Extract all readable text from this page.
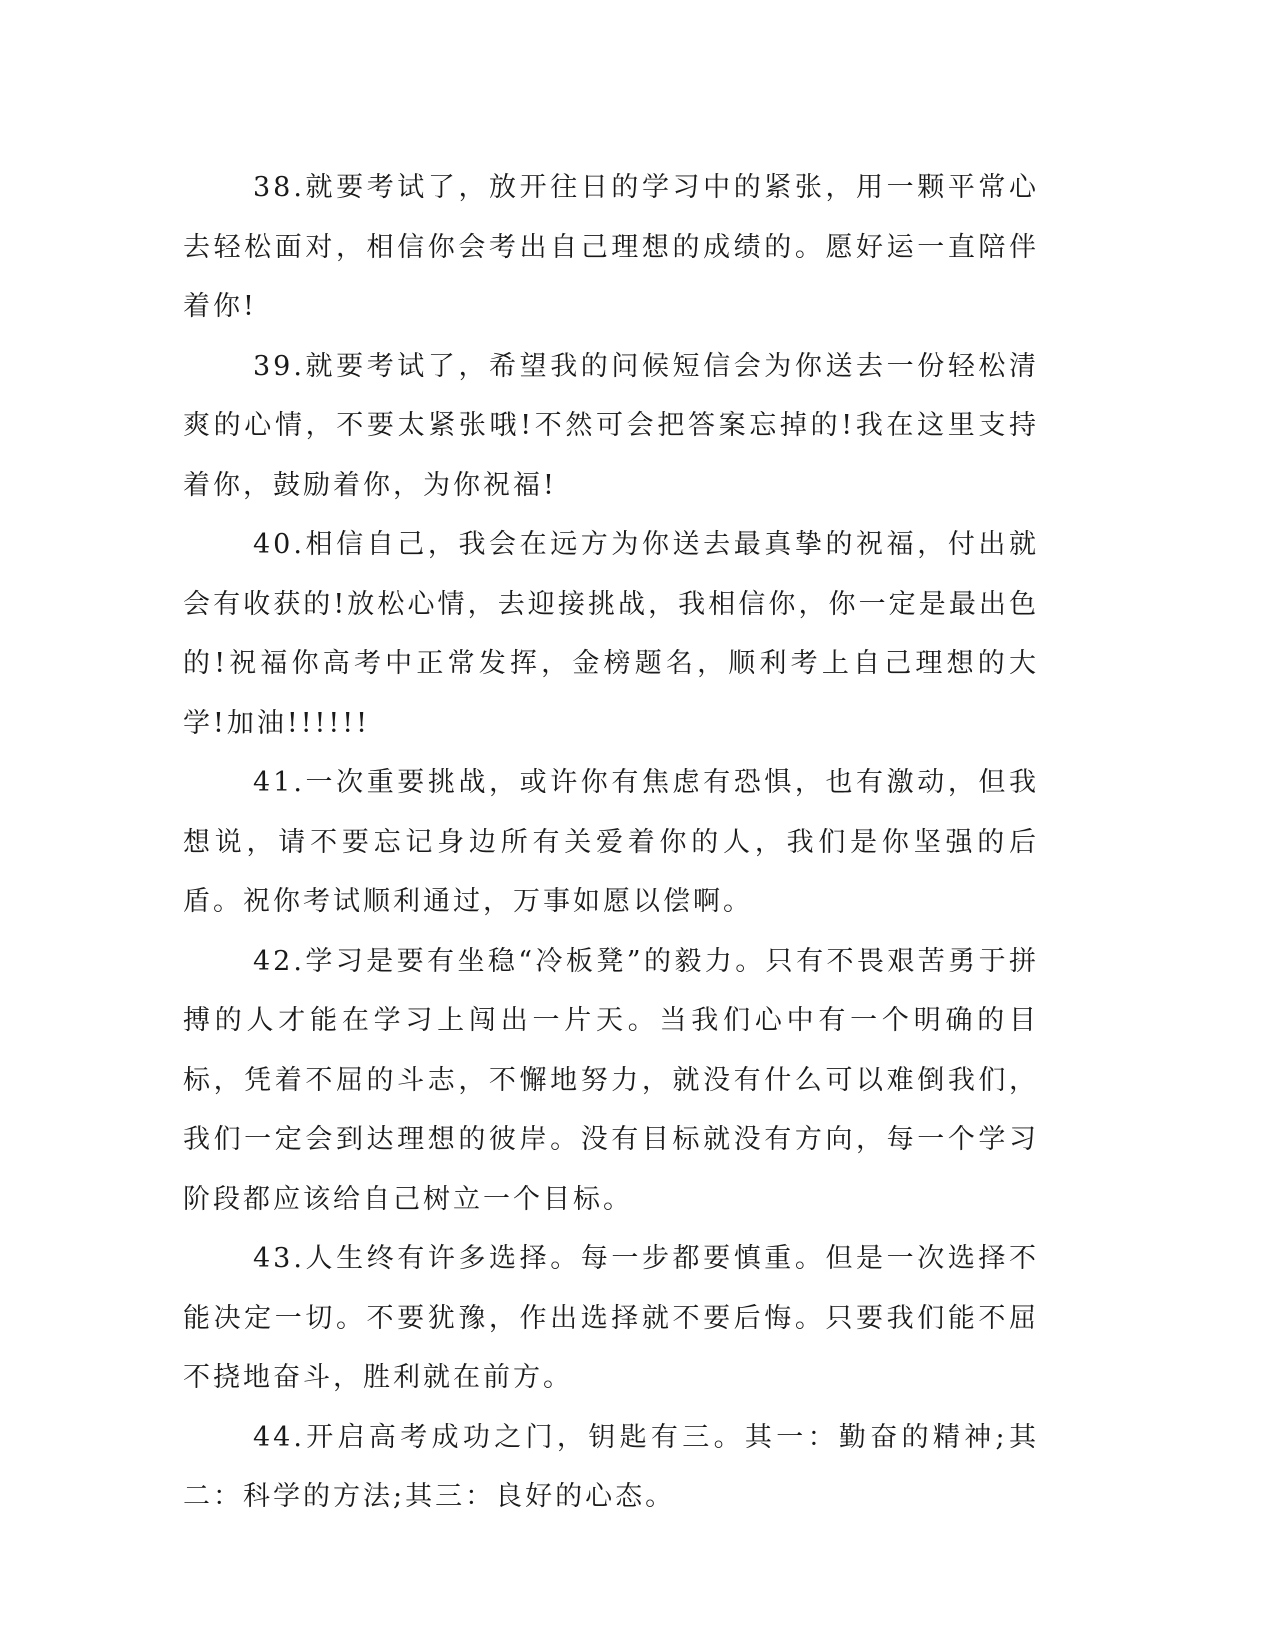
38.就要考试了，放开往日的学习中的紧张，用一颗平常心去轻松面对，相信你会考出自己理想的成绩的。愿好运一直陪伴着你!

39.就要考试了，希望我的问候短信会为你送去一份轻松清爽的心情，不要太紧张哦!不然可会把答案忘掉的!我在这里支持着你，鼓励着你，为你祝福!

40.相信自己，我会在远方为你送去最真挚的祝福，付出就会有收获的!放松心情，去迎接挑战，我相信你，你一定是最出色的!祝福你高考中正常发挥，金榜题名，顺利考上自己理想的大学!加油!!!!!!

41.一次重要挑战，或许你有焦虑有恐惧，也有激动，但我想说，请不要忘记身边所有关爱着你的人，我们是你坚强的后盾。祝你考试顺利通过，万事如愿以偿啊。

42.学习是要有坐稳“冷板凳”的毅力。只有不畏艰苦勇于拼搏的人才能在学习上闯出一片天。当我们心中有一个明确的目标，凭着不屈的斗志，不懈地努力，就没有什么可以难倒我们，我们一定会到达理想的彼岸。没有目标就没有方向，每一个学习阶段都应该给自己树立一个目标。

43.人生终有许多选择。每一步都要慎重。但是一次选择不能决定一切。不要犹豫，作出选择就不要后悔。只要我们能不屈不挠地奋斗，胜利就在前方。

44.开启高考成功之门，钥匙有三。其一：勤奋的精神;其二：科学的方法;其三：良好的心态。
